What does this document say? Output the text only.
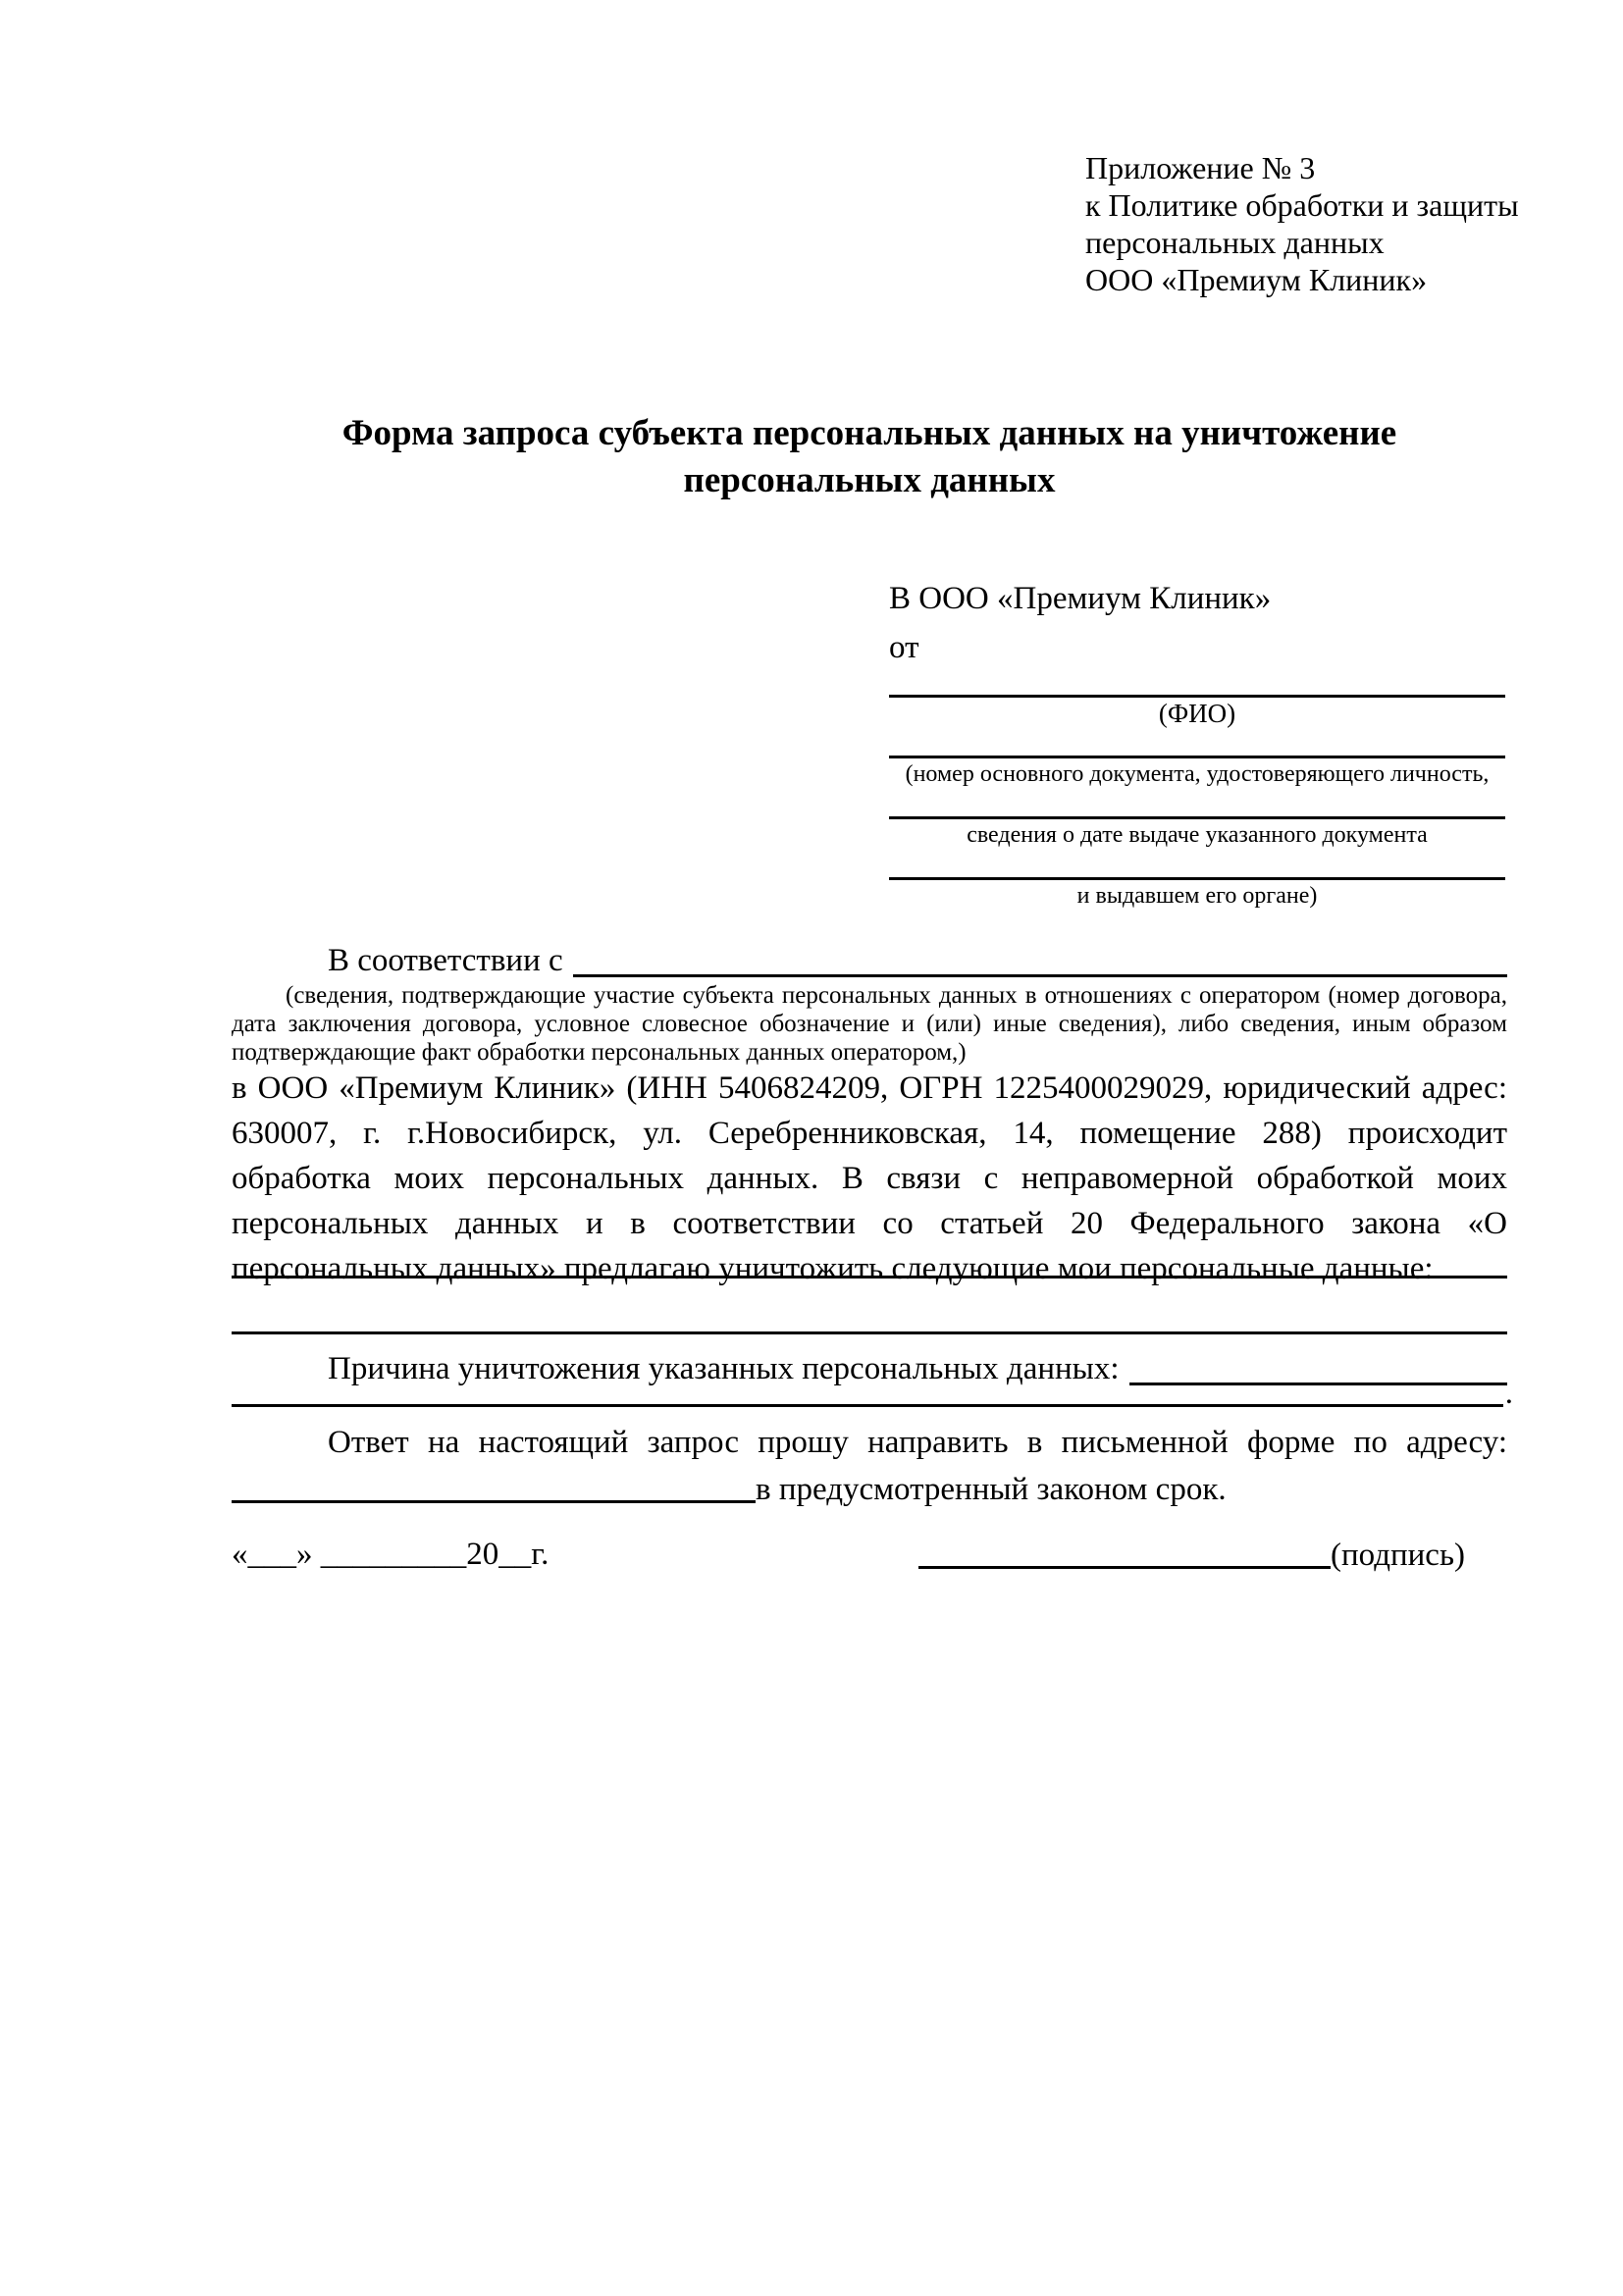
Приложение № 3
к Политике обработки и защиты
персональных данных
ООО «Премиум Клиник»
Форма запроса субъекта персональных данных на уничтожение
персональных данных
В ООО «Премиум Клиник»
от
(ФИО)
(номер основного документа, удостоверяющего личность,
сведения о дате выдаче указанного документа
и выдавшем его органе)
В соответствии с
(сведения, подтверждающие участие субъекта персональных данных в отношениях с оператором (номер договора, дата заключения договора, условное словесное обозначение и (или) иные сведения), либо сведения, иным образом подтверждающие факт обработки персональных данных оператором,)
в ООО «Премиум Клиник» (ИНН 5406824209, ОГРН 1225400029029, юридический адрес: 630007, г. г.Новосибирск, ул. Серебренниковская, 14, помещение 288) происходит обработка моих персональных данных. В связи с неправомерной обработкой моих персональных данных и в соответствии со статьей 20 Федерального закона «О персональных данных» предлагаю уничтожить следующие мои персональные данные:
Причина уничтожения указанных персональных данных:
.
Ответ на настоящий запрос прошу направить в письменной форме по адресу: в предусмотренный законом срок.
«___» _________20__г.	(подпись)
